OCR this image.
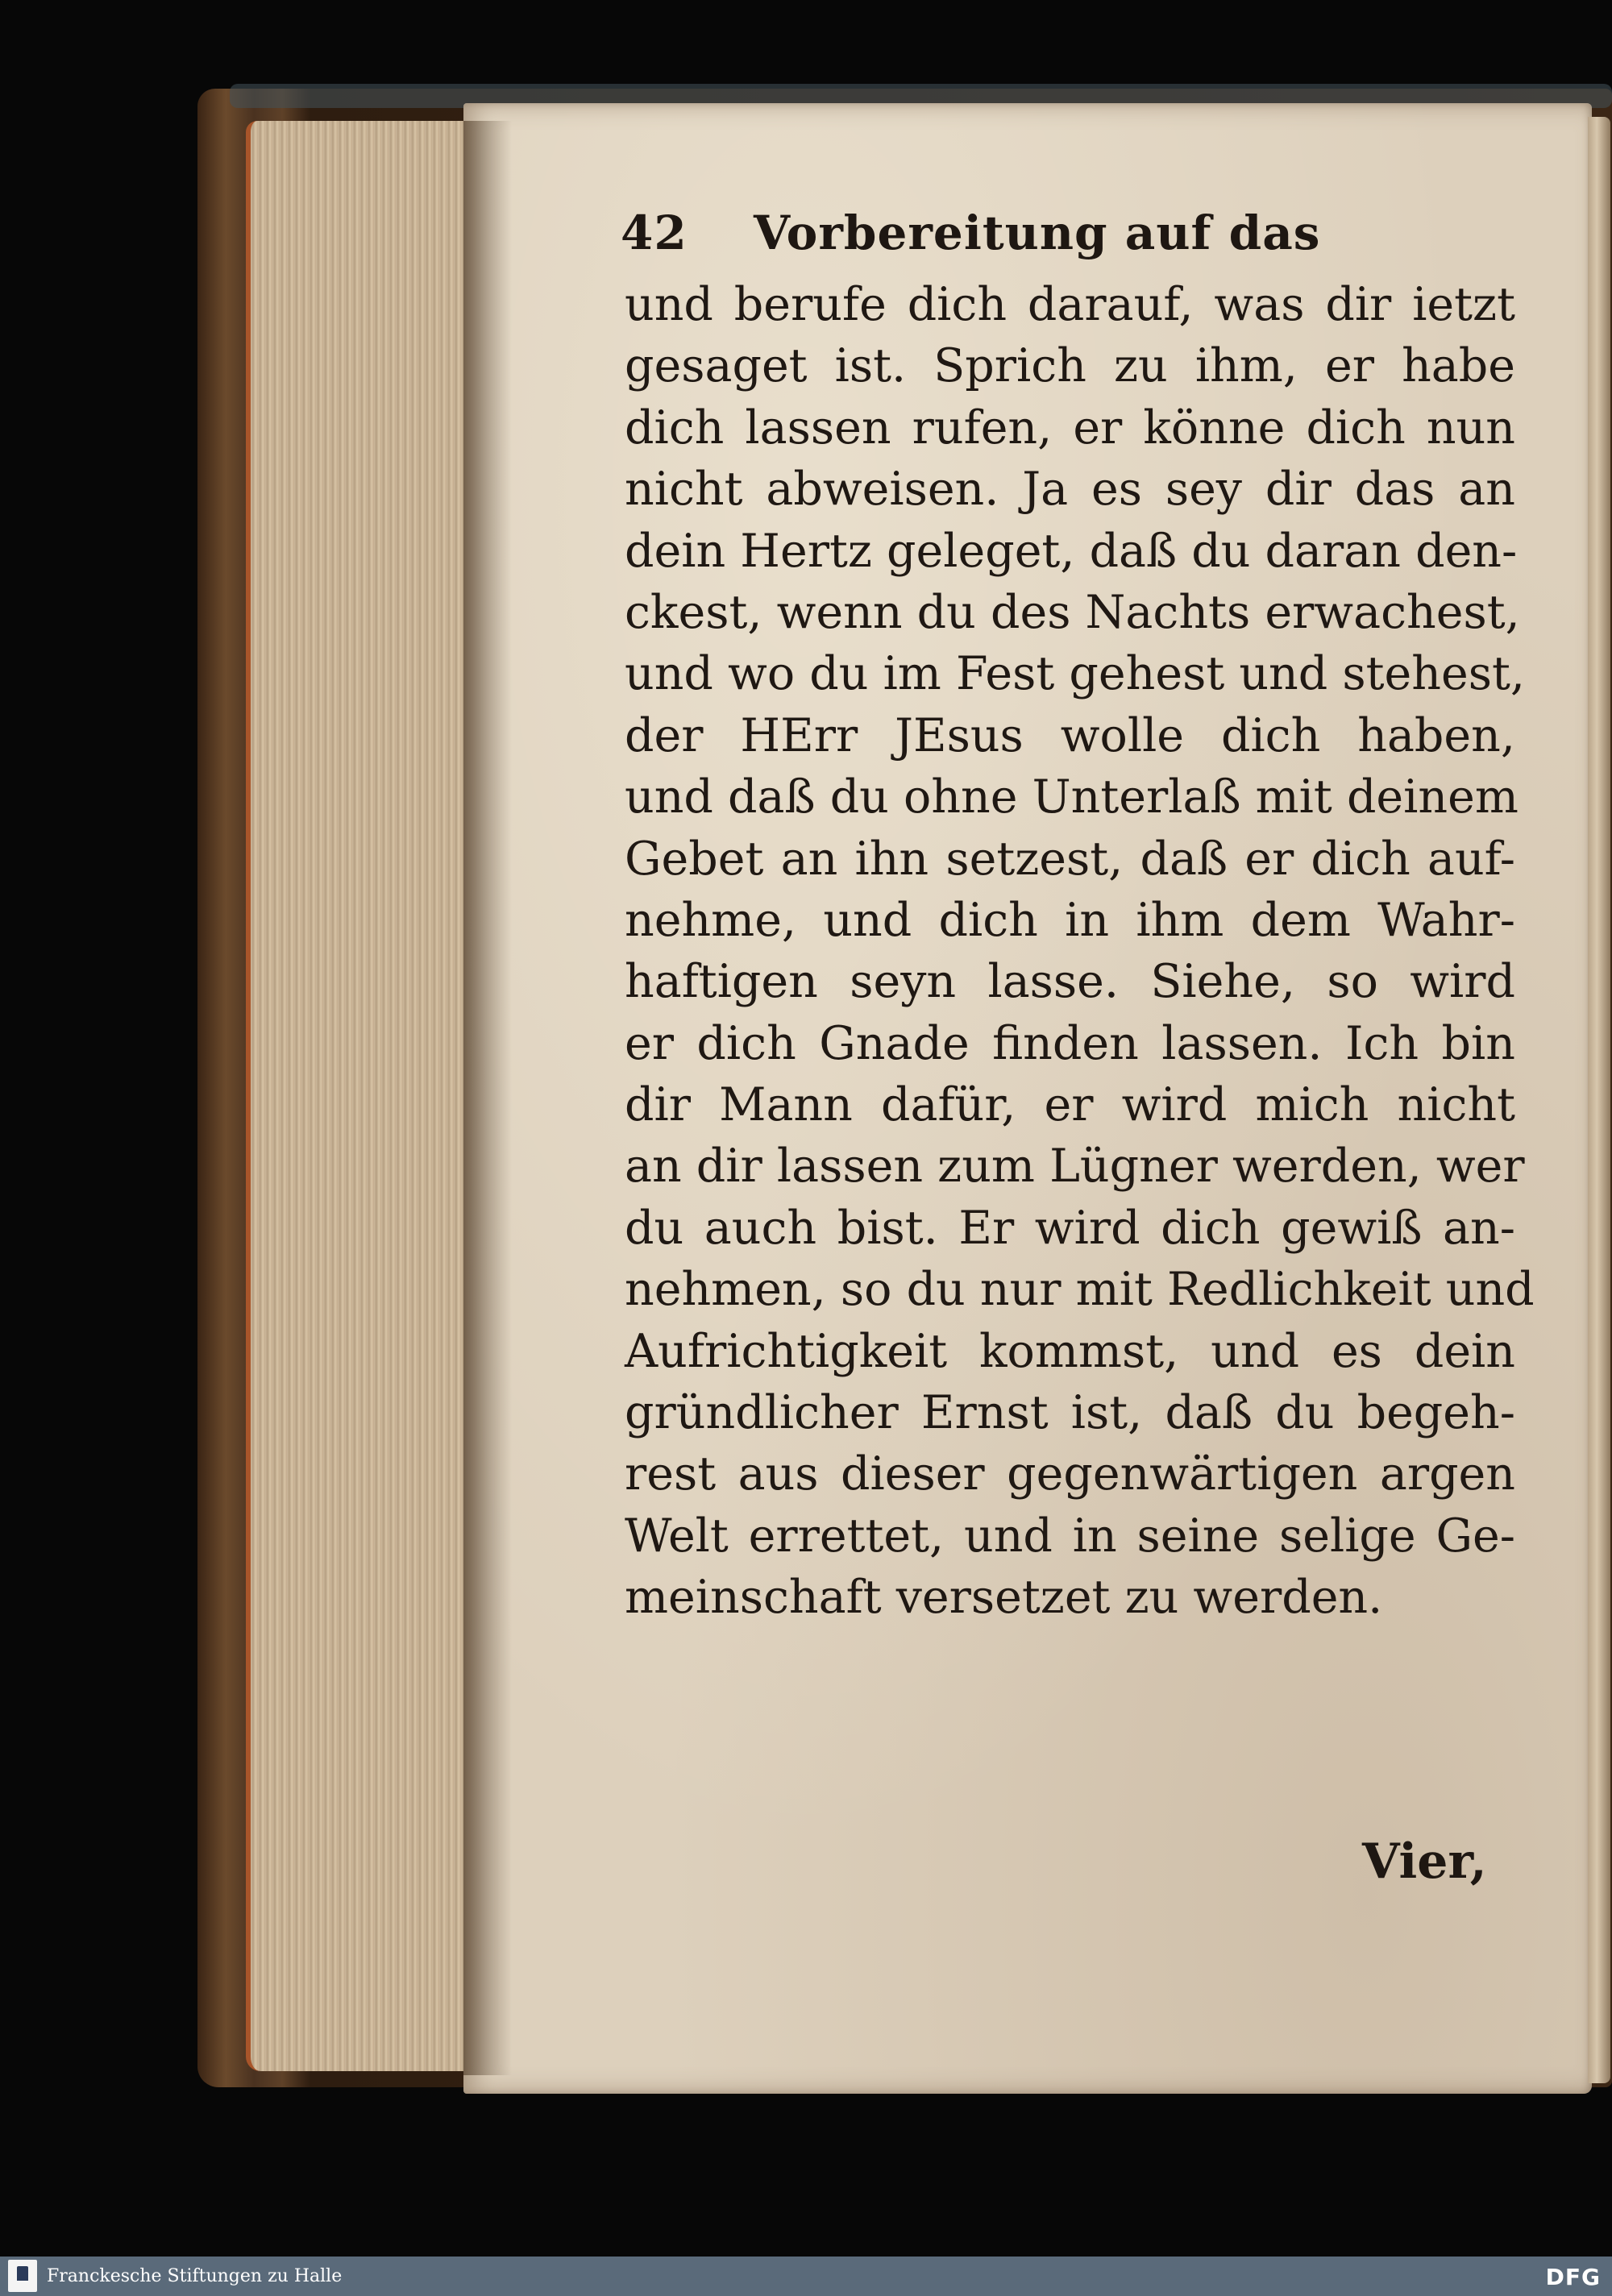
42 Vorbereitung auf das
und berufe dich darauf, was dir ietzt
gesaget ist. Sprich zu ihm, er habe
dich lassen rufen, er könne dich nun
nicht abweisen. Ja es sey dir das an
dein Hertz geleget, daß du daran den-
ckest, wenn du des Nachts erwachest,
und wo du im Fest gehest und stehest,
der HErr JEsus wolle dich haben,
und daß du ohne Unterlaß mit deinem
Gebet an ihn setzest, daß er dich auf-
nehme, und dich in ihm dem Wahr-
haftigen seyn lasse. Siehe, so wird
er dich Gnade finden lassen. Ich bin
dir Mann dafür, er wird mich nicht
an dir lassen zum Lügner werden, wer
du auch bist. Er wird dich gewiß an-
nehmen, so du nur mit Redlichkeit und
Aufrichtigkeit kommst, und es dein
gründlicher Ernst ist, daß du begeh-
rest aus dieser gegenwärtigen argen
Welt errettet, und in seine selige Ge-
meinschaft versetzet zu werden.
Vier,
Franckesche Stiftungen zu Halle	DFG
